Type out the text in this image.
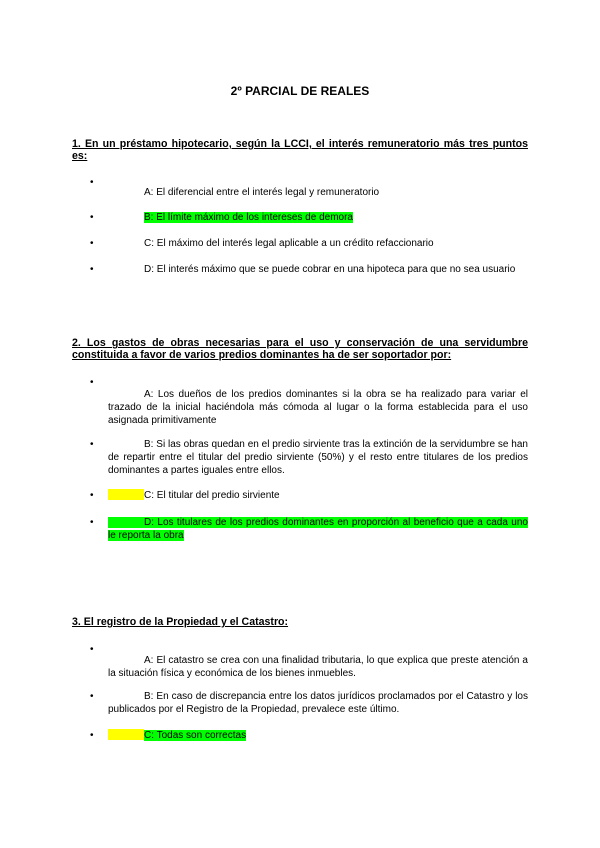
2º PARCIAL DE REALES
1. En un préstamo hipotecario, según la LCCI, el interés remuneratorio más tres puntos es:
•
A: El diferencial entre el interés legal y remuneratorio
•	B: El límite máximo de los intereses de demora
•	C: El máximo del interés legal aplicable a un crédito refaccionario
•	D: El interés máximo que se puede cobrar en una hipoteca para que no sea usuario
2. Los gastos de obras necesarias para el uso y conservación de una servidumbre constituida a favor de varios predios dominantes ha de ser soportador por:
•
A: Los dueños de los predios dominantes si la obra se ha realizado para variar el trazado de la inicial haciéndola más cómoda al lugar o la forma establecida para el uso asignada primitivamente
•	B: Si las obras quedan en el predio sirviente tras la extinción de la servidumbre se han de repartir entre el titular del predio sirviente (50%) y el resto entre titulares de los predios dominantes a partes iguales entre ellos.
•	C: El titular del predio sirviente
•	D: Los titulares de los predios dominantes en proporción al beneficio que a cada uno le reporta la obra
3. El registro de la Propiedad y el Catastro:
•
A: El catastro se crea con una finalidad tributaria, lo que explica que preste atención a la situación física y económica de los bienes inmuebles.
•	B: En caso de discrepancia entre los datos jurídicos proclamados por el Catastro y los publicados por el Registro de la Propiedad, prevalece este último.
•	C: Todas son correctas
